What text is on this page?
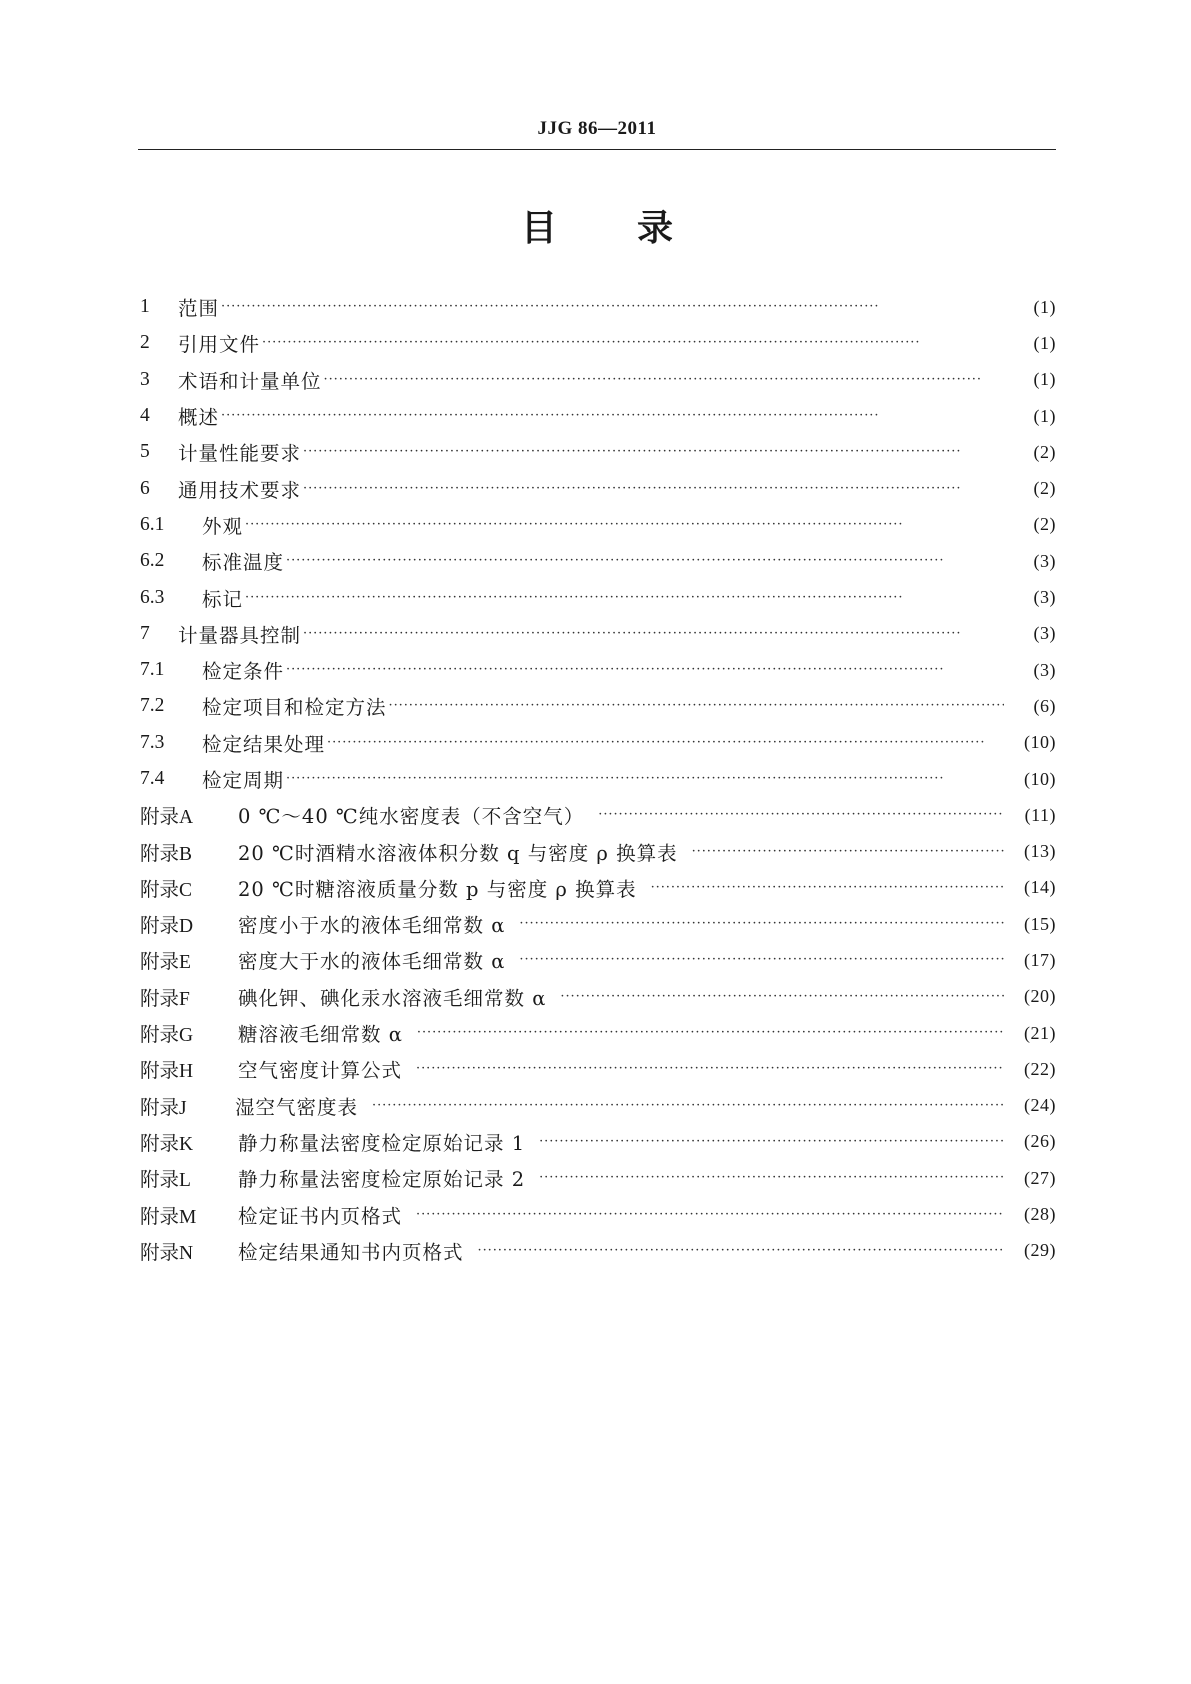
JJG 86—2011
目 录
1	范围 · · ·	(1)
2	引用文件 · · ·	(1)
3	术语和计量单位 · · ·	(1)
4	概述 · · ·	(1)
5	计量性能要求 · · ·	(2)
6	通用技术要求 · · ·	(2)
6.1	外观 · · ·	(2)
6.2	标准温度 · · ·	(3)
6.3	标记 · · ·	(3)
7	计量器具控制 · · ·	(3)
7.1	检定条件 · · ·	(3)
7.2	检定项目和检定方法 · · ·	(6)
7.3	检定结果处理 · · ·	(10)
7.4	检定周期 · · ·	(10)
附录A	0 ℃～40 ℃纯水密度表（不含空气） · · ·	(11)
附录B	20 ℃时酒精水溶液体积分数 q 与密度 ρ 换算表 · · ·	(13)
附录C	20 ℃时糖溶液质量分数 p 与密度 ρ 换算表 · · ·	(14)
附录D	密度小于水的液体毛细常数 α · · ·	(15)
附录E	密度大于水的液体毛细常数 α · · ·	(17)
附录F	碘化钾、碘化汞水溶液毛细常数 α · · ·	(20)
附录G	糖溶液毛细常数 α · · ·	(21)
附录H	空气密度计算公式 · · ·	(22)
附录J	湿空气密度表 · · ·	(24)
附录K	静力称量法密度检定原始记录 1 · · ·	(26)
附录L	静力称量法密度检定原始记录 2 · · ·	(27)
附录M	检定证书内页格式 · · ·	(28)
附录N	检定结果通知书内页格式 · · ·	(29)
